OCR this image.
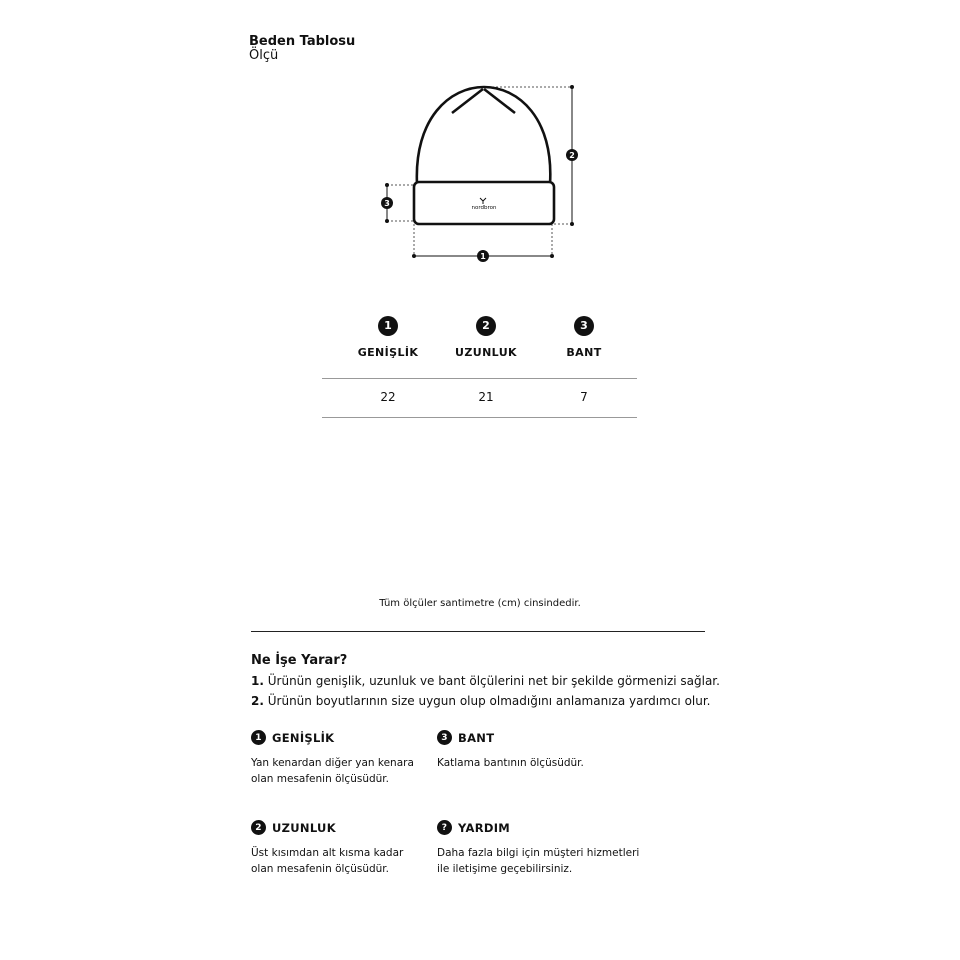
Beden Tablosu
Ölçü
nordbron
2
3
1
1
GENİŞLİK
2
UZUNLUK
3
BANT
22	21	7
Tüm ölçüler santimetre (cm) cinsindedir.
Ne İşe Yarar?
1. Ürünün genişlik, uzunluk ve bant ölçülerini net bir şekilde görmenizi sağlar.
2. Ürünün boyutlarının size uygun olup olmadığını anlamanıza yardımcı olur.
1 GENİŞLİK
Yan kenardan diğer yan kenara
olan mesafenin ölçüsüdür.
3 BANT
Katlama bantının ölçüsüdür.
2 UZUNLUK
Üst kısımdan alt kısma kadar
olan mesafenin ölçüsüdür.
? YARDIM
Daha fazla bilgi için müşteri hizmetleri
ile iletişime geçebilirsiniz.
